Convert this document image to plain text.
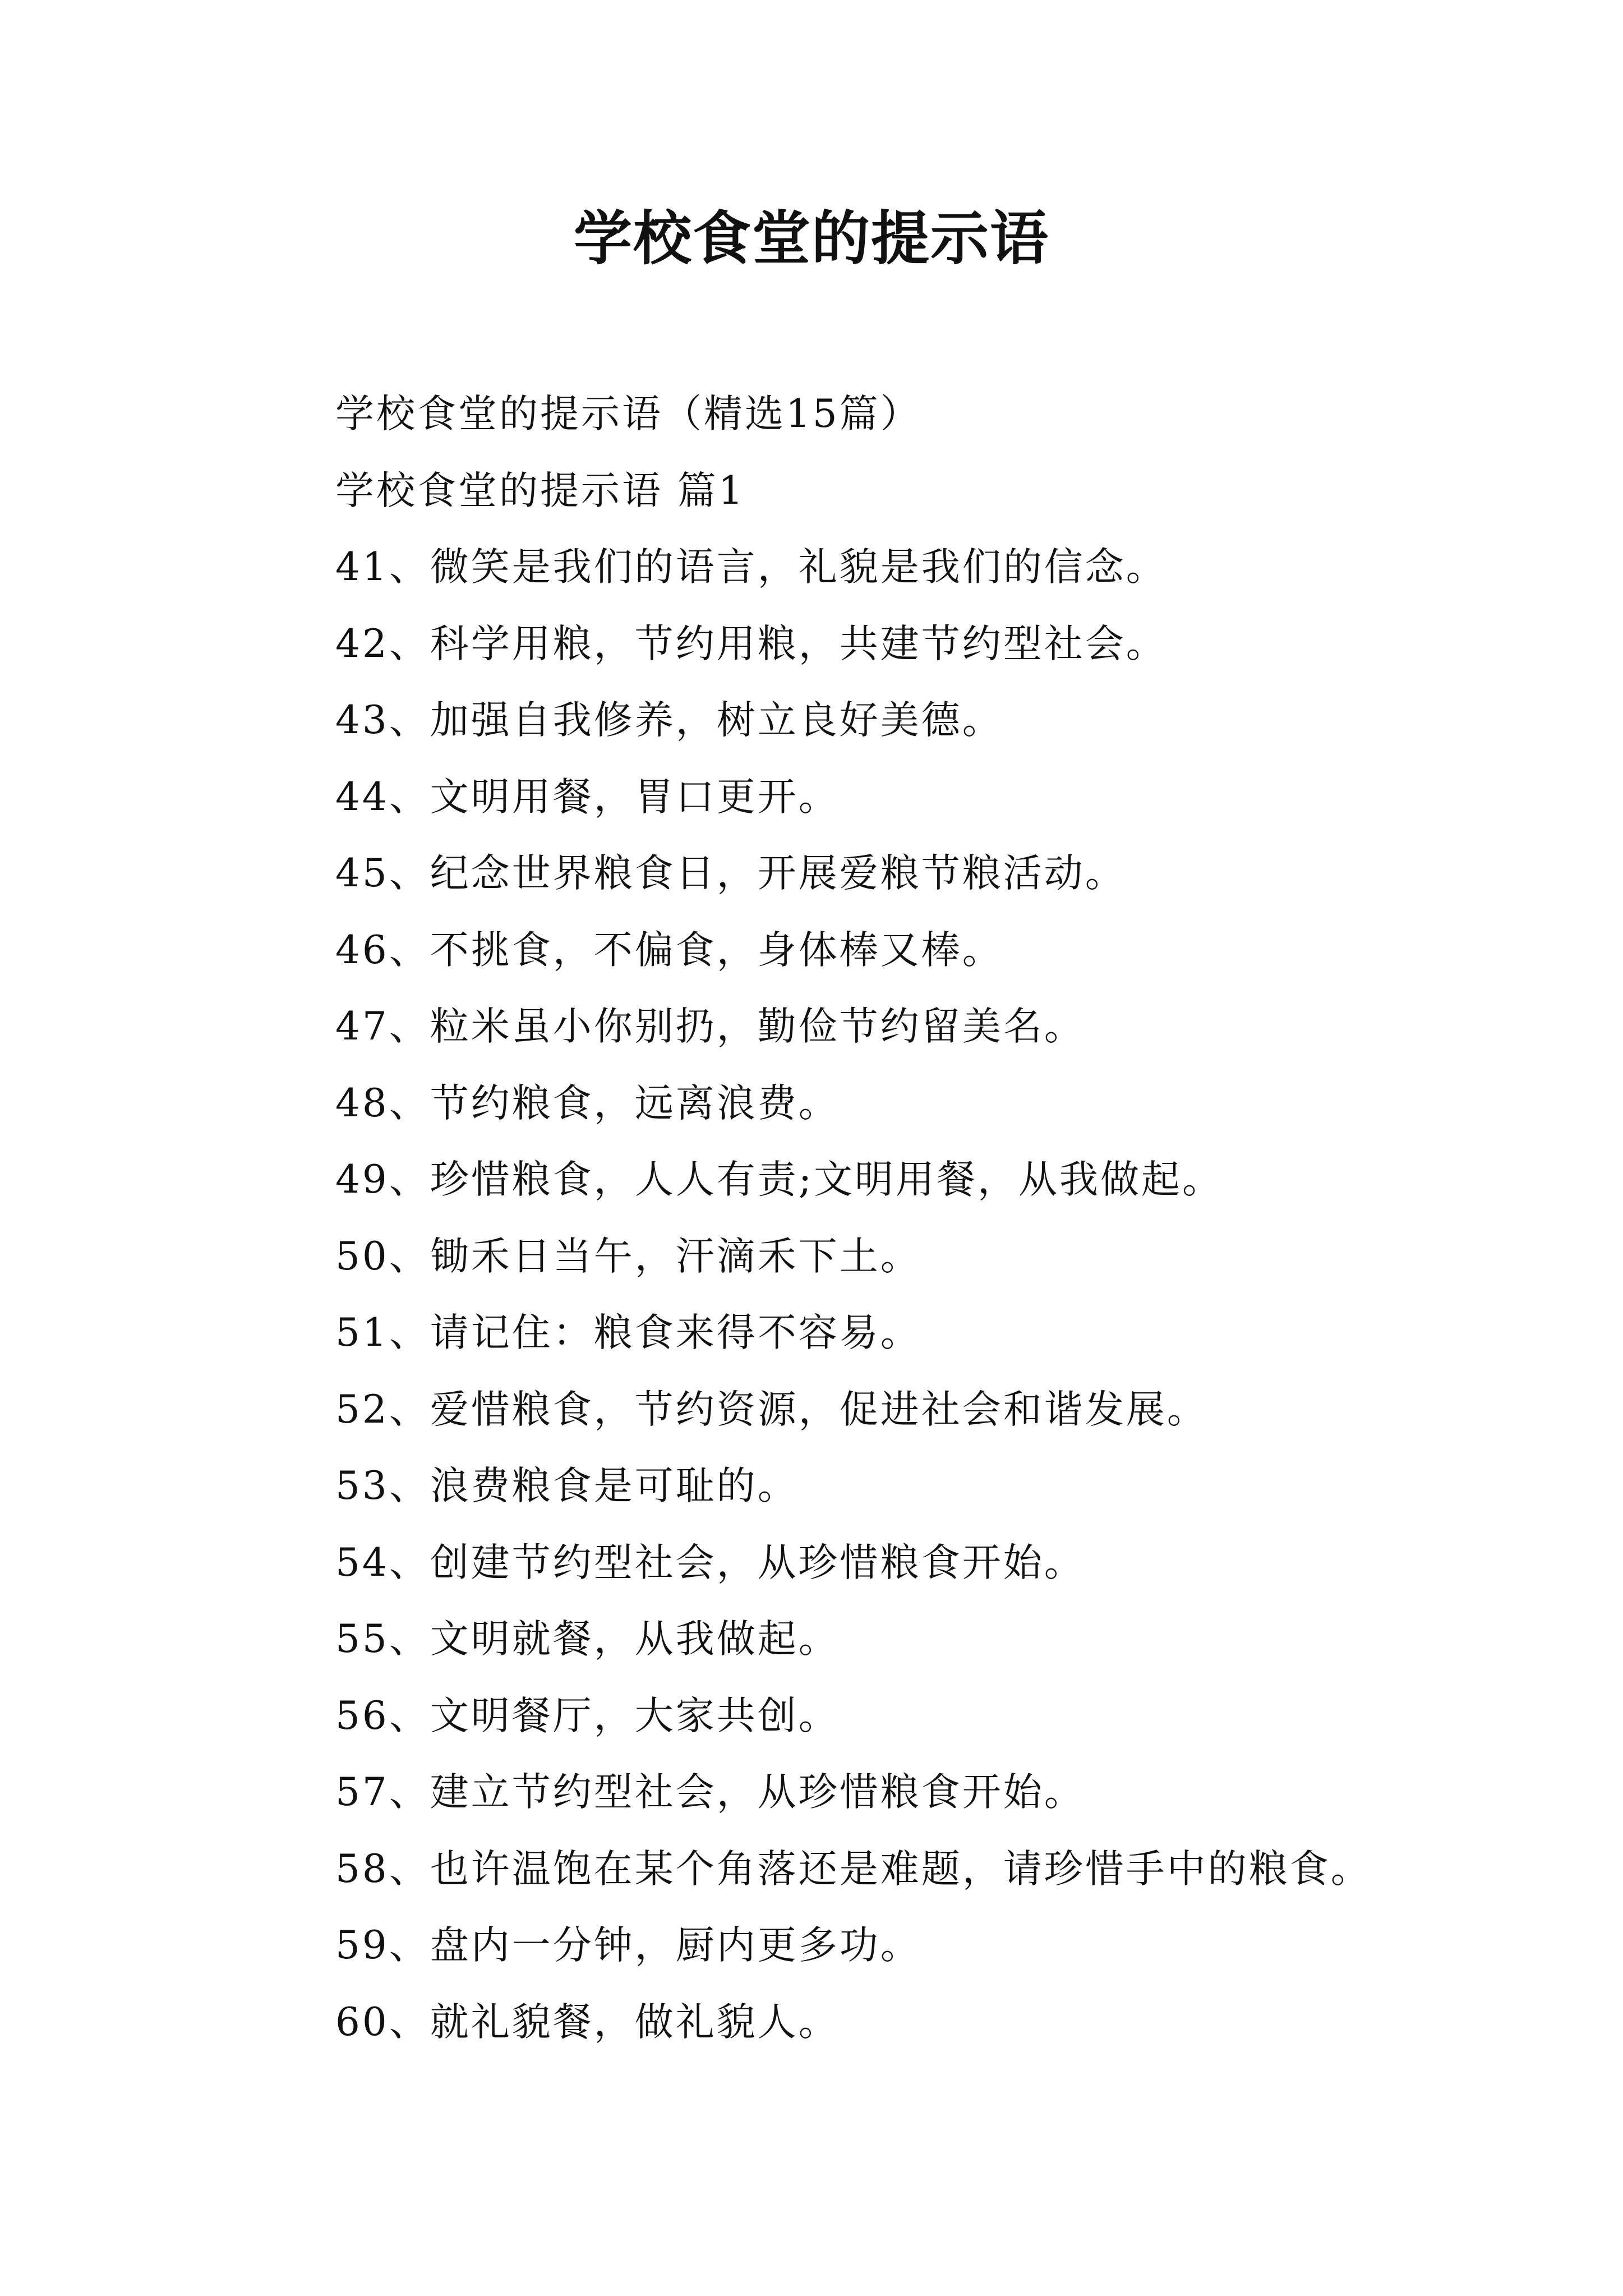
学校食堂的提示语

学校食堂的提示语（精选15篇）

学校食堂的提示语 篇1

41、微笑是我们的语言，礼貌是我们的信念。

42、科学用粮，节约用粮，共建节约型社会。

43、加强自我修养，树立良好美德。

44、文明用餐，胃口更开。

45、纪念世界粮食日，开展爱粮节粮活动。

46、不挑食，不偏食，身体棒又棒。

47、粒米虽小你别扔，勤俭节约留美名。

48、节约粮食，远离浪费。

49、珍惜粮食，人人有责;文明用餐，从我做起。

50、锄禾日当午，汗滴禾下土。

51、请记住：粮食来得不容易。

52、爱惜粮食，节约资源，促进社会和谐发展。

53、浪费粮食是可耻的。

54、创建节约型社会，从珍惜粮食开始。

55、文明就餐，从我做起。

56、文明餐厅，大家共创。

57、建立节约型社会，从珍惜粮食开始。

58、也许温饱在某个角落还是难题，请珍惜手中的粮食。

59、盘内一分钟，厨内更多功。

60、就礼貌餐，做礼貌人。
